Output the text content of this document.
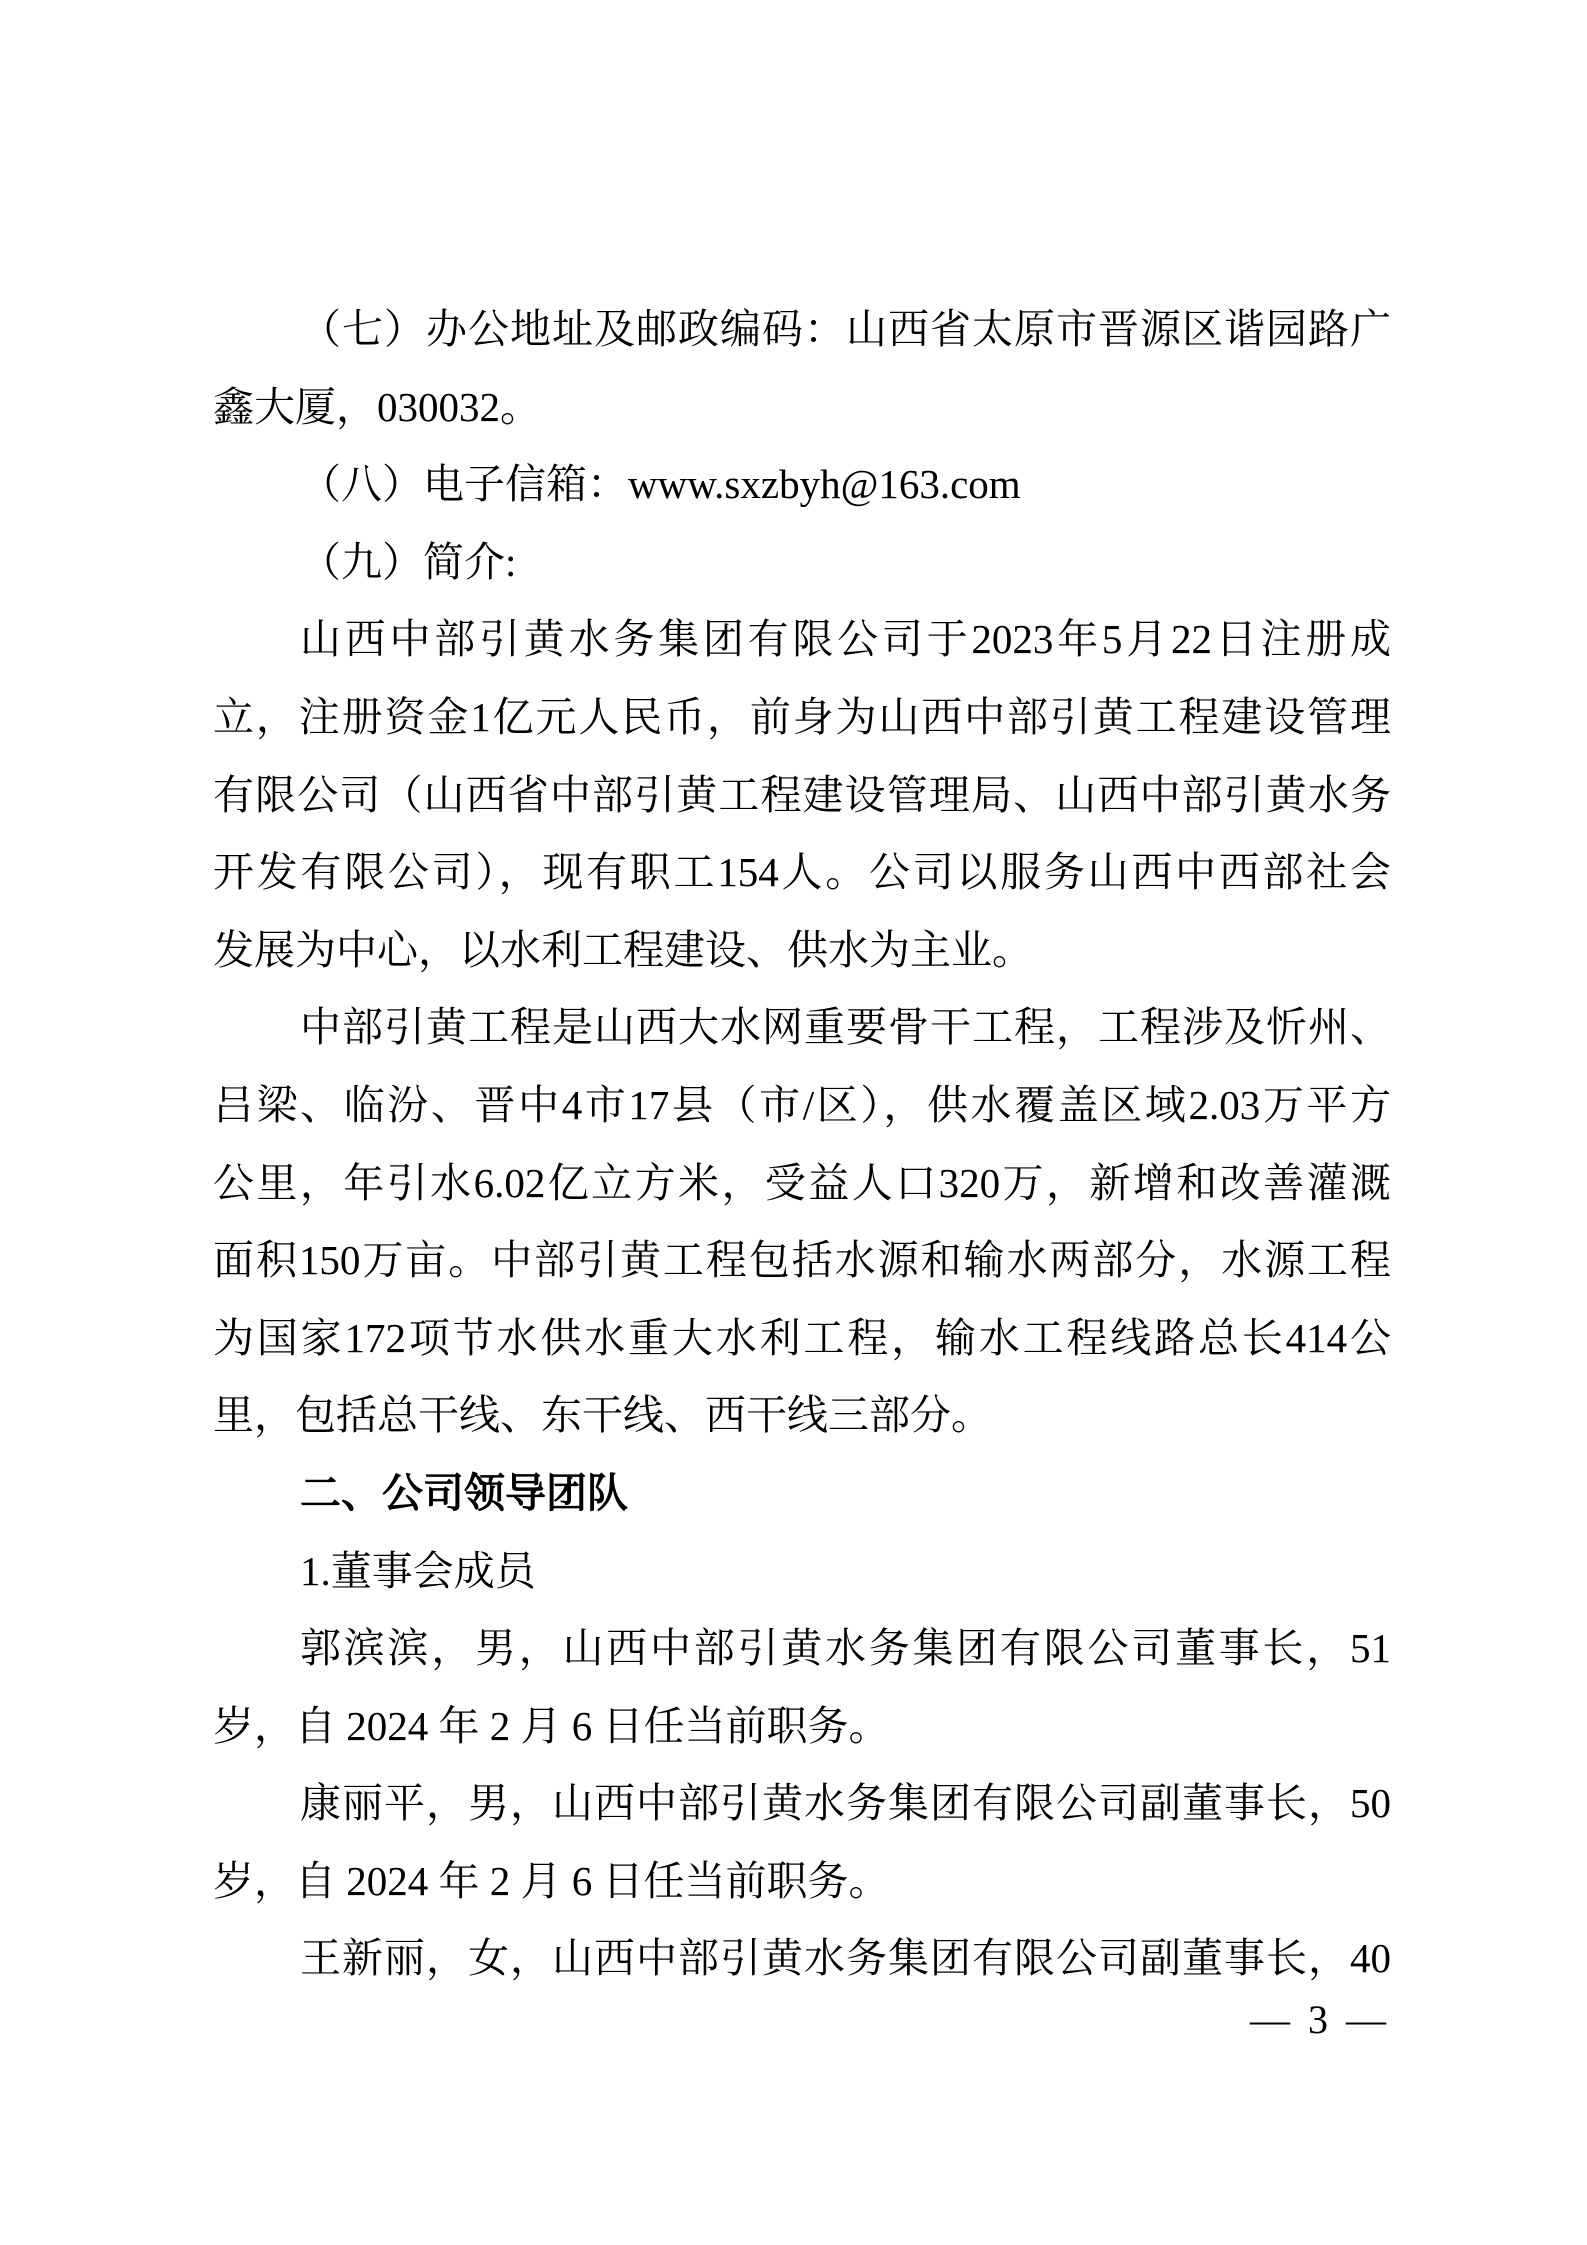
（七）办公地址及邮政编码：山西省太原市晋源区谐园路广
鑫大厦，030032。
（八）电子信箱：www.sxzbyh@163.com
（九）简介:
山西中部引黄水务集团有限公司于2023年5月22日注册成
立，注册资金1亿元人民币，前身为山西中部引黄工程建设管理
有限公司（山西省中部引黄工程建设管理局、山西中部引黄水务
开发有限公司），现有职工154人。公司以服务山西中西部社会
发展为中心，以水利工程建设、供水为主业。
中部引黄工程是山西大水网重要骨干工程，工程涉及忻州、
吕梁、临汾、晋中4市17县（市/区），供水覆盖区域2.03万平方
公里，年引水6.02亿立方米，受益人口320万，新增和改善灌溉
面积150万亩。中部引黄工程包括水源和输水两部分，水源工程
为国家172项节水供水重大水利工程，输水工程线路总长414公
里，包括总干线、东干线、西干线三部分。
二、公司领导团队
1.董事会成员
郭滨滨，男，山西中部引黄水务集团有限公司董事长，51
岁，自 2024 年 2 月 6 日任当前职务。
康丽平，男，山西中部引黄水务集团有限公司副董事长，50
岁，自 2024 年 2 月 6 日任当前职务。
王新丽，女，山西中部引黄水务集团有限公司副董事长，40
— 3 —
